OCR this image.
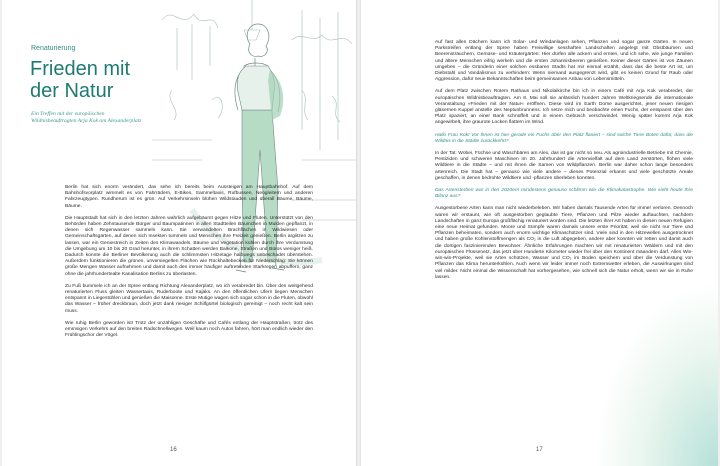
Renaturierung
Frieden mit
der Natur

Ein Treffen mit der europäischen Wildnisbeauftragten Arja Kok am Alexanderplatz

Berlin hat sich enorm verändert, das sehe ich bereits beim Aussteigen am Hauptbahnhof. Auf dem Bahnhofsvorplatz wimmelt es von Fahrrädern, E-Bikes, Sammeltaxis, Rufbussen, Neogleitern und anderen Fahrzeugtypen. Rundherum ist es grün: Auf Verkehrsinseln blühen Wildstauden und überall Bäume, Bäume, Bäume.

Die Hauptstadt hat sich in den letzten Jahren wahrlich aufgebäumt gegen Hitze und Fluten. Unterstützt von den Behörden haben Zehntausende Bürger und Baumpatinnen in allen Stadtteilen Bäumchen in Mulden gepflanzt, in denen sich Regenwasser sammeln kann. Sie verwandelten Brachflächen in Wildwiesen oder Gemeinschaftsgärten, auf denen sich Insekten tummeln und Menschen ihre Freizeit genießen. Berlin argiitzen zu lassen, war ein Geniestreich in Zeiten des Klimawandels. Bäume und Vegetation kühlen durch ihre Verdunstung die Umgebung um 10 bis 20 Grad herunter, in ihrem Schatten werden Balkone, Straßen und Büros weniger heiß. Dadurch konnte die Berliner Bevölkerung auch die schlimmsten Hitzetage halbwegs unbeschadet überstehen. Außerdem funktionieren die grünen, unversiegelten Flächen wie Rückhaltebecken für Niederschlag: Sie können große Mengen Wasser aufnehmen und damit auch den immer häufiger auftretenden Starkregen abpuffern, ganz ohne die jahrhundertealte Kanalisation Berlins zu überlasten.

Zu Fuß bummele ich an der Spree entlang Richtung Alexanderplatz, wo ich verabredet bin. Über den weitgehend renaturierten Fluss gleiten Wassertaxis, Ruderboote und Kajaks. An den öffentlichen Ufern liegen Menschen entspannt in Liegestühlen und genießen die Maisonne. Erste Mutige wagen sich sogar schon in die Fluten, obwohl das Wasser – früher dreckbraun, doch jetzt dank riesiger Schilfgürtel biologisch gereinigt – noch recht kalt sein muss.

Wie ruhig Berlin geworden ist! Trotz der unzähligen Geschäfte und Cafés entlang der Hauptstraßen, trotz des emmsigen Verkehrs auf den breiten Radschnellwegen. Weil kaum noch Autos fahren, hört man endlich wieder den Frühlingschor der Vögel.

16

Auf fast allen Dächern kann ich Solar- und Windanlagen sehen, Pflanzen und sogar ganze Gärten. In neuen Parkstreifen entlang der Spree haben Freiwillige sesshaften Landschaften angelegt mit Obstbäumen und Beerensträuchern, Gemüse- und Kräutergärten: Hier dürfen alle ackern und ernten, und ich sehe, wie junge Familien und ältere Menschen eifrig werkeln und die ersten Johannisbeeren genießen. Keiner dieser Gärten ist von Zäunen umgeben – die Gründerin einer solchen essbaren Stadts hat mir einmal erzählt, dass das die beste Art ist, um Diebstahl und Vandalismus zu verhindern: Wenn niemand ausgegrenzt wird, gibt es keinen Grund für Raub oder Aggression, dafür neue Bekanntschaften beim gemeinsamen Anbau von Lebensmitteln.

Auf dem Platz zwischen Rotem Rathaus und Nikolaikirche bin ich in einem Café mit Arja Kok verabredet, der europäischen Wildnisbeauftragten. Am 8. Mai soll sie anlässlich hundert Jahren Weltkriegsende die internationale Veranstaltung »Frieden mit der Natur« eröffnen. Diese wird im Earth Dome ausgerichtet, jener neuen riesigen gläsernen Kuppel anstelle des Neptunbrunnens. Ich setze mich und beobachte einen Fuchs, der entspannt über den Platz spaziert, an einer Bank schnüffelt und in einem Gebüsch verschwindet. Wenig später kommt Arja Kok angewirbelt, ihre graurote Locken flattern im Wind.

Hallo Frau Kok! Vor Ihnen ist hier gerade ein Fuchs über den Platz flaniert – sind solche Tiere Boten dafür, dass die Wildnis in die Städte zurückkehrt?

In der Tat. Wobei, Füchse und Waschbären am Alex, das ist gar nicht so neu. Als agroindustrielle Betriebe mit Chemie, Pestiziden und schweren Maschinen im 20. Jahrhundert die Artenvielfalt auf dem Land zerstörten, flohen viele Wildtiere in die Städte – und mit ihnen die Samen von Wildpflanzen. Berlin war daher schon lange besonders artenreich. Die Stadt hat – genauso wie viele andere – dieses Potenzial erkannt und viele geschützte Areale geschaffen, in denen bedrohte Wildtiere und -pflanzen überleben konnten.

Das Artensterben war in den 2020ern mindestens genauso schlimm wie die Klimakatastrophe. Wie sieht heute Ihre Bilanz aus?

Ausgestorbene Arten kann man nicht wiederbeleben. Wir haben damals Tausende Arten für immer verloren. Dennoch waren wir erstaunt, wie oft ausgestorben geglaubte Tiere, Pflanzen und Pilze wieder auftauchten, nachdem Landschaften in ganz Europa großflächig renaturiert worden sind. Die letzten ihrer Art haben in diesen neuen Refugien eine neue Heimat gefunden. Moore und Sümpfe waren damals unsere erste Priorität, weil sie nicht nur Tiere und Pflanzen beheimaten, sondern auch enorm wichtige Klimaschützer sind. Viele sind in den Hitzewellen ausgetrocknet und haben große Kohlenstoffmengen als CO₂ in die Luft abgegeben, andere aber konnten wir retten und damit auch die dortigen faszinierenden Bewohner. Ähnliche Erfahrungen machten wir mit renaturierten Wäldern und mit den europäischen Flüssenetz, das jetzt über Hunderte Kilometer wieder frei über den Kontinent mäandern darf. Alles Win-win-win-Projekte, weil sie Arten schützen, Wasser und CO₂ im Boden speichern und über die Verdunstung von Pflanzen das Klima herunterkühlen. Auch wenn wir leider immer noch Extremwetter erleben, die Auswirkungen sind viel milder. Nicht einmal die Wissenschaft hat vorhergesehen, wie schnell sich die Natur erholt, wenn wir sie in Ruhe lassen.

17
